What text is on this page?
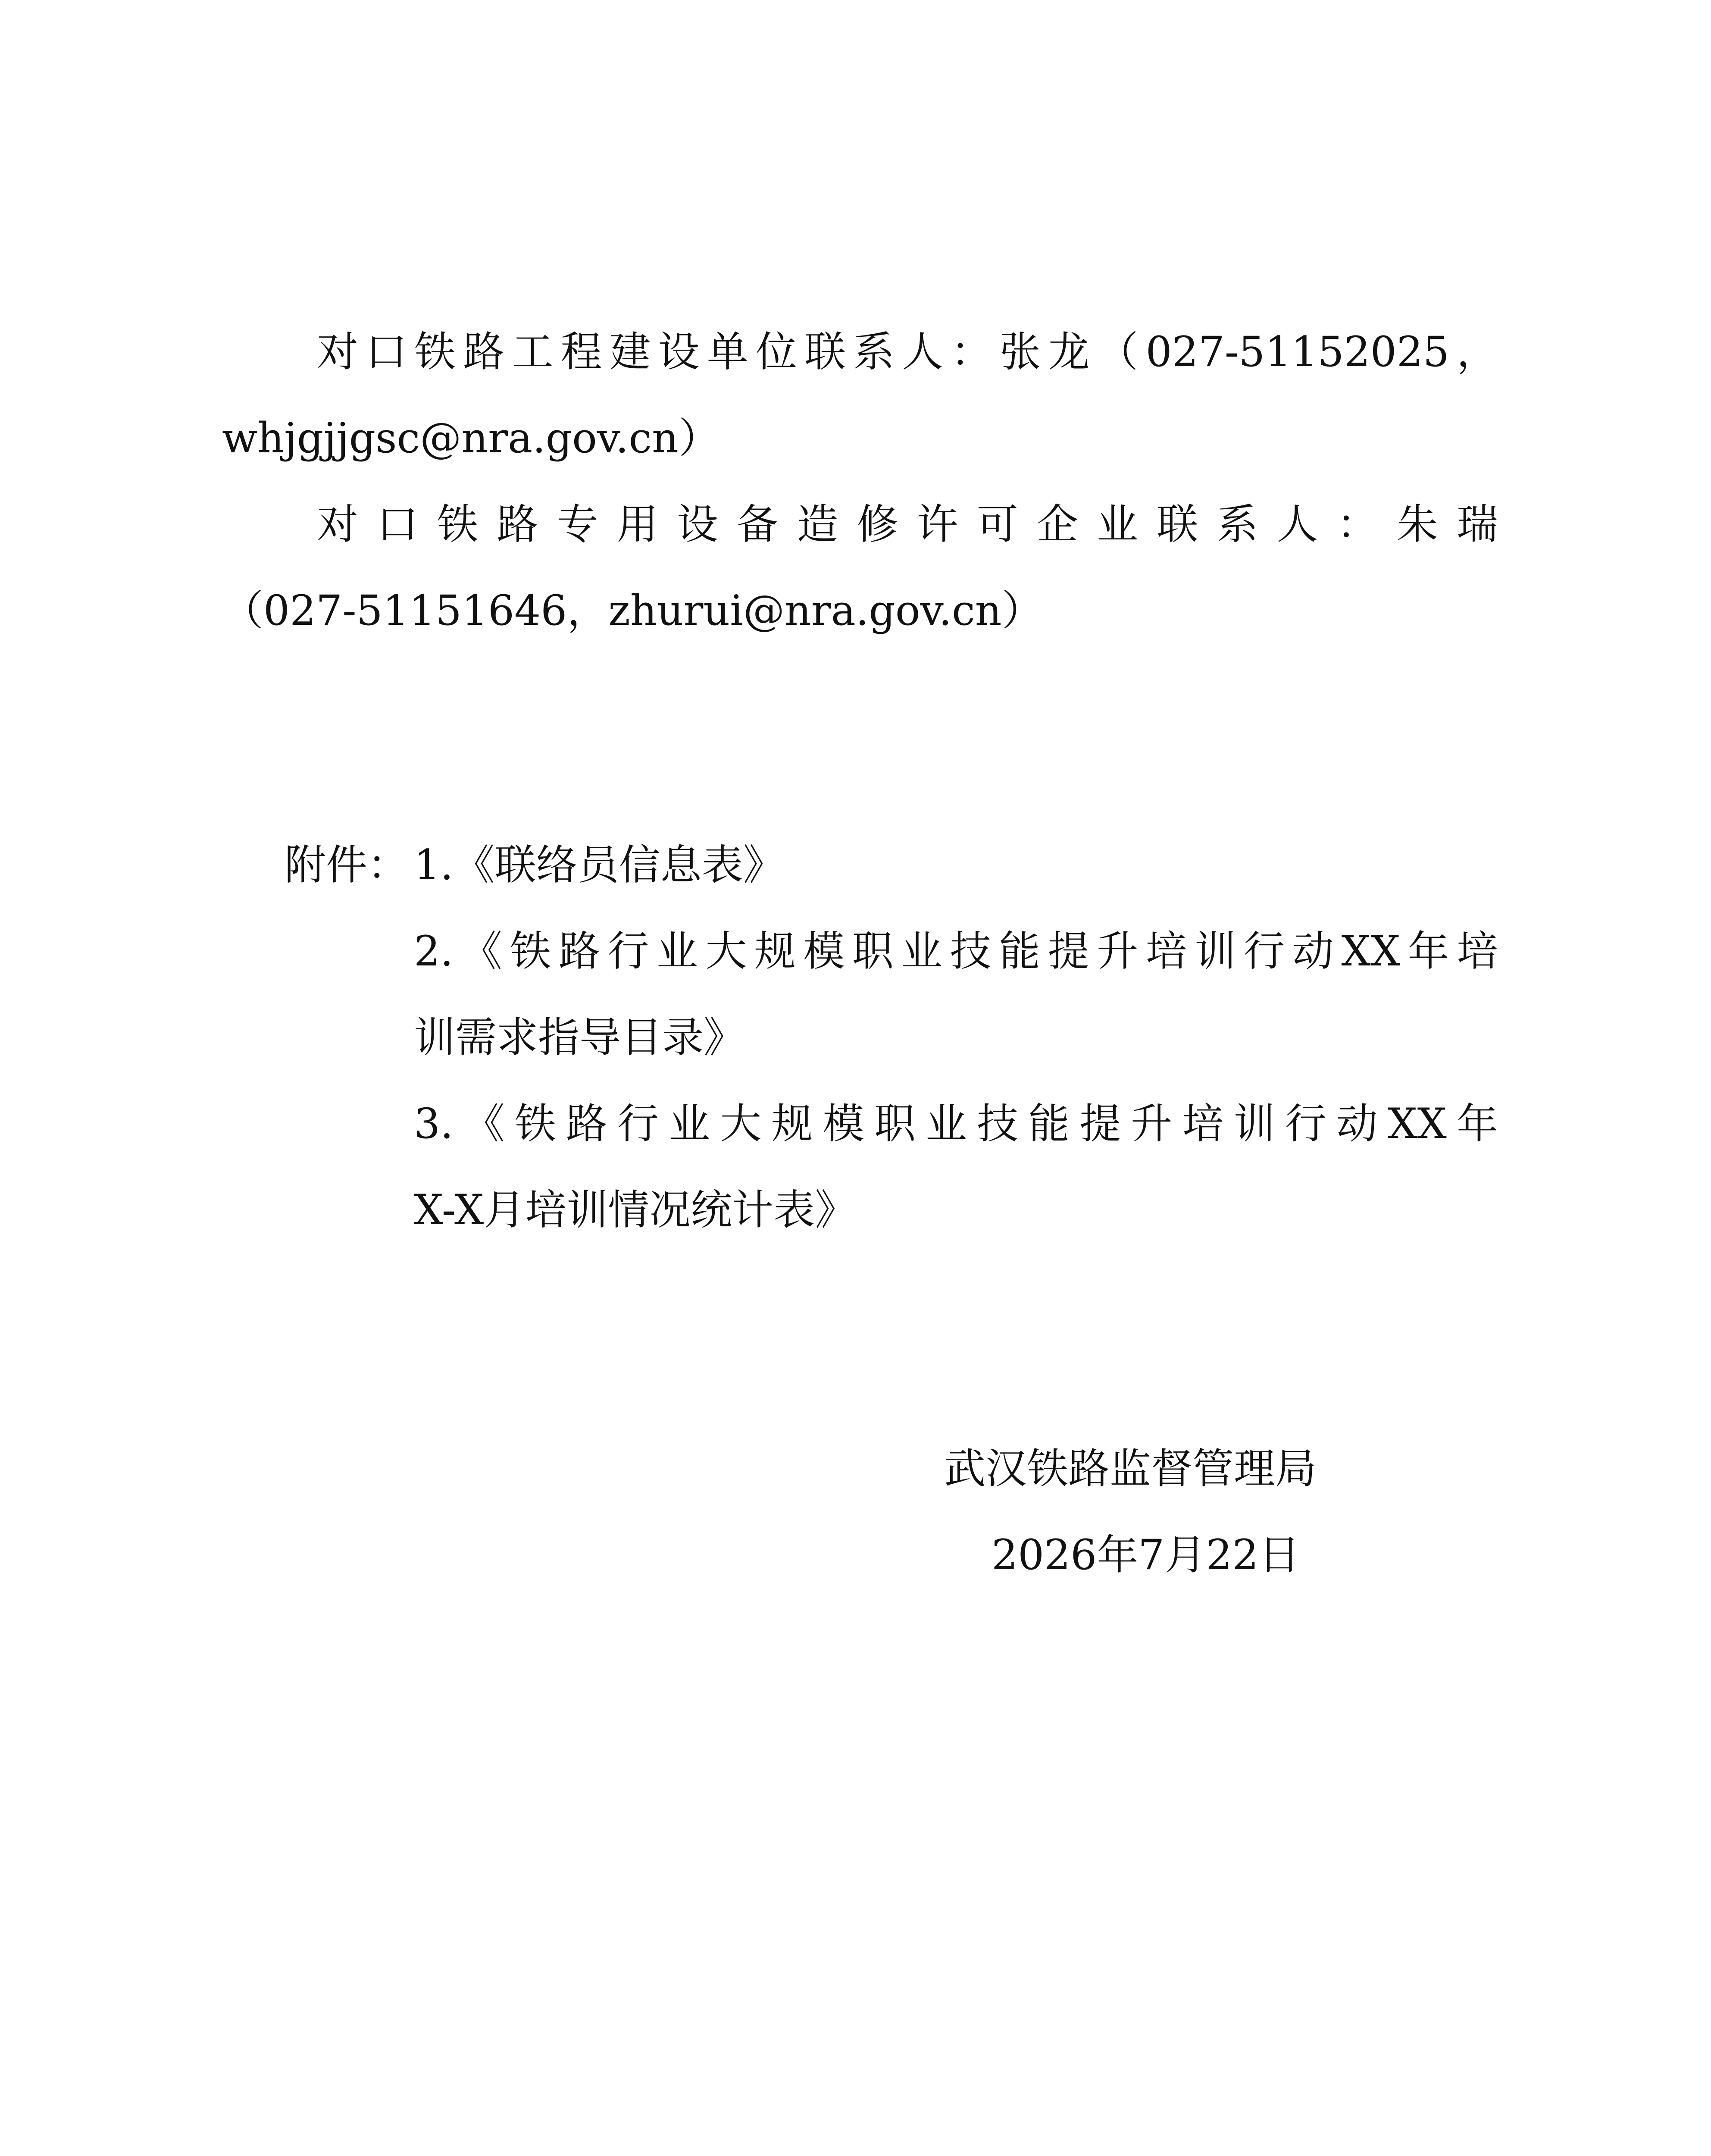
对口铁路工程建设单位联系人：张龙（027-51152025，
whjgjjgsc@nra.gov.cn）
对口铁路专用设备造修许可企业联系人：朱瑞
（027-51151646，zhurui@nra.gov.cn）
附件： 1.《联络员信息表》
2.《铁路行业大规模职业技能提升培训行动XX年培
训需求指导目录》
3.《铁路行业大规模职业技能提升培训行动XX年
X-X月培训情况统计表》
武汉铁路监督管理局
2026年7月22日
